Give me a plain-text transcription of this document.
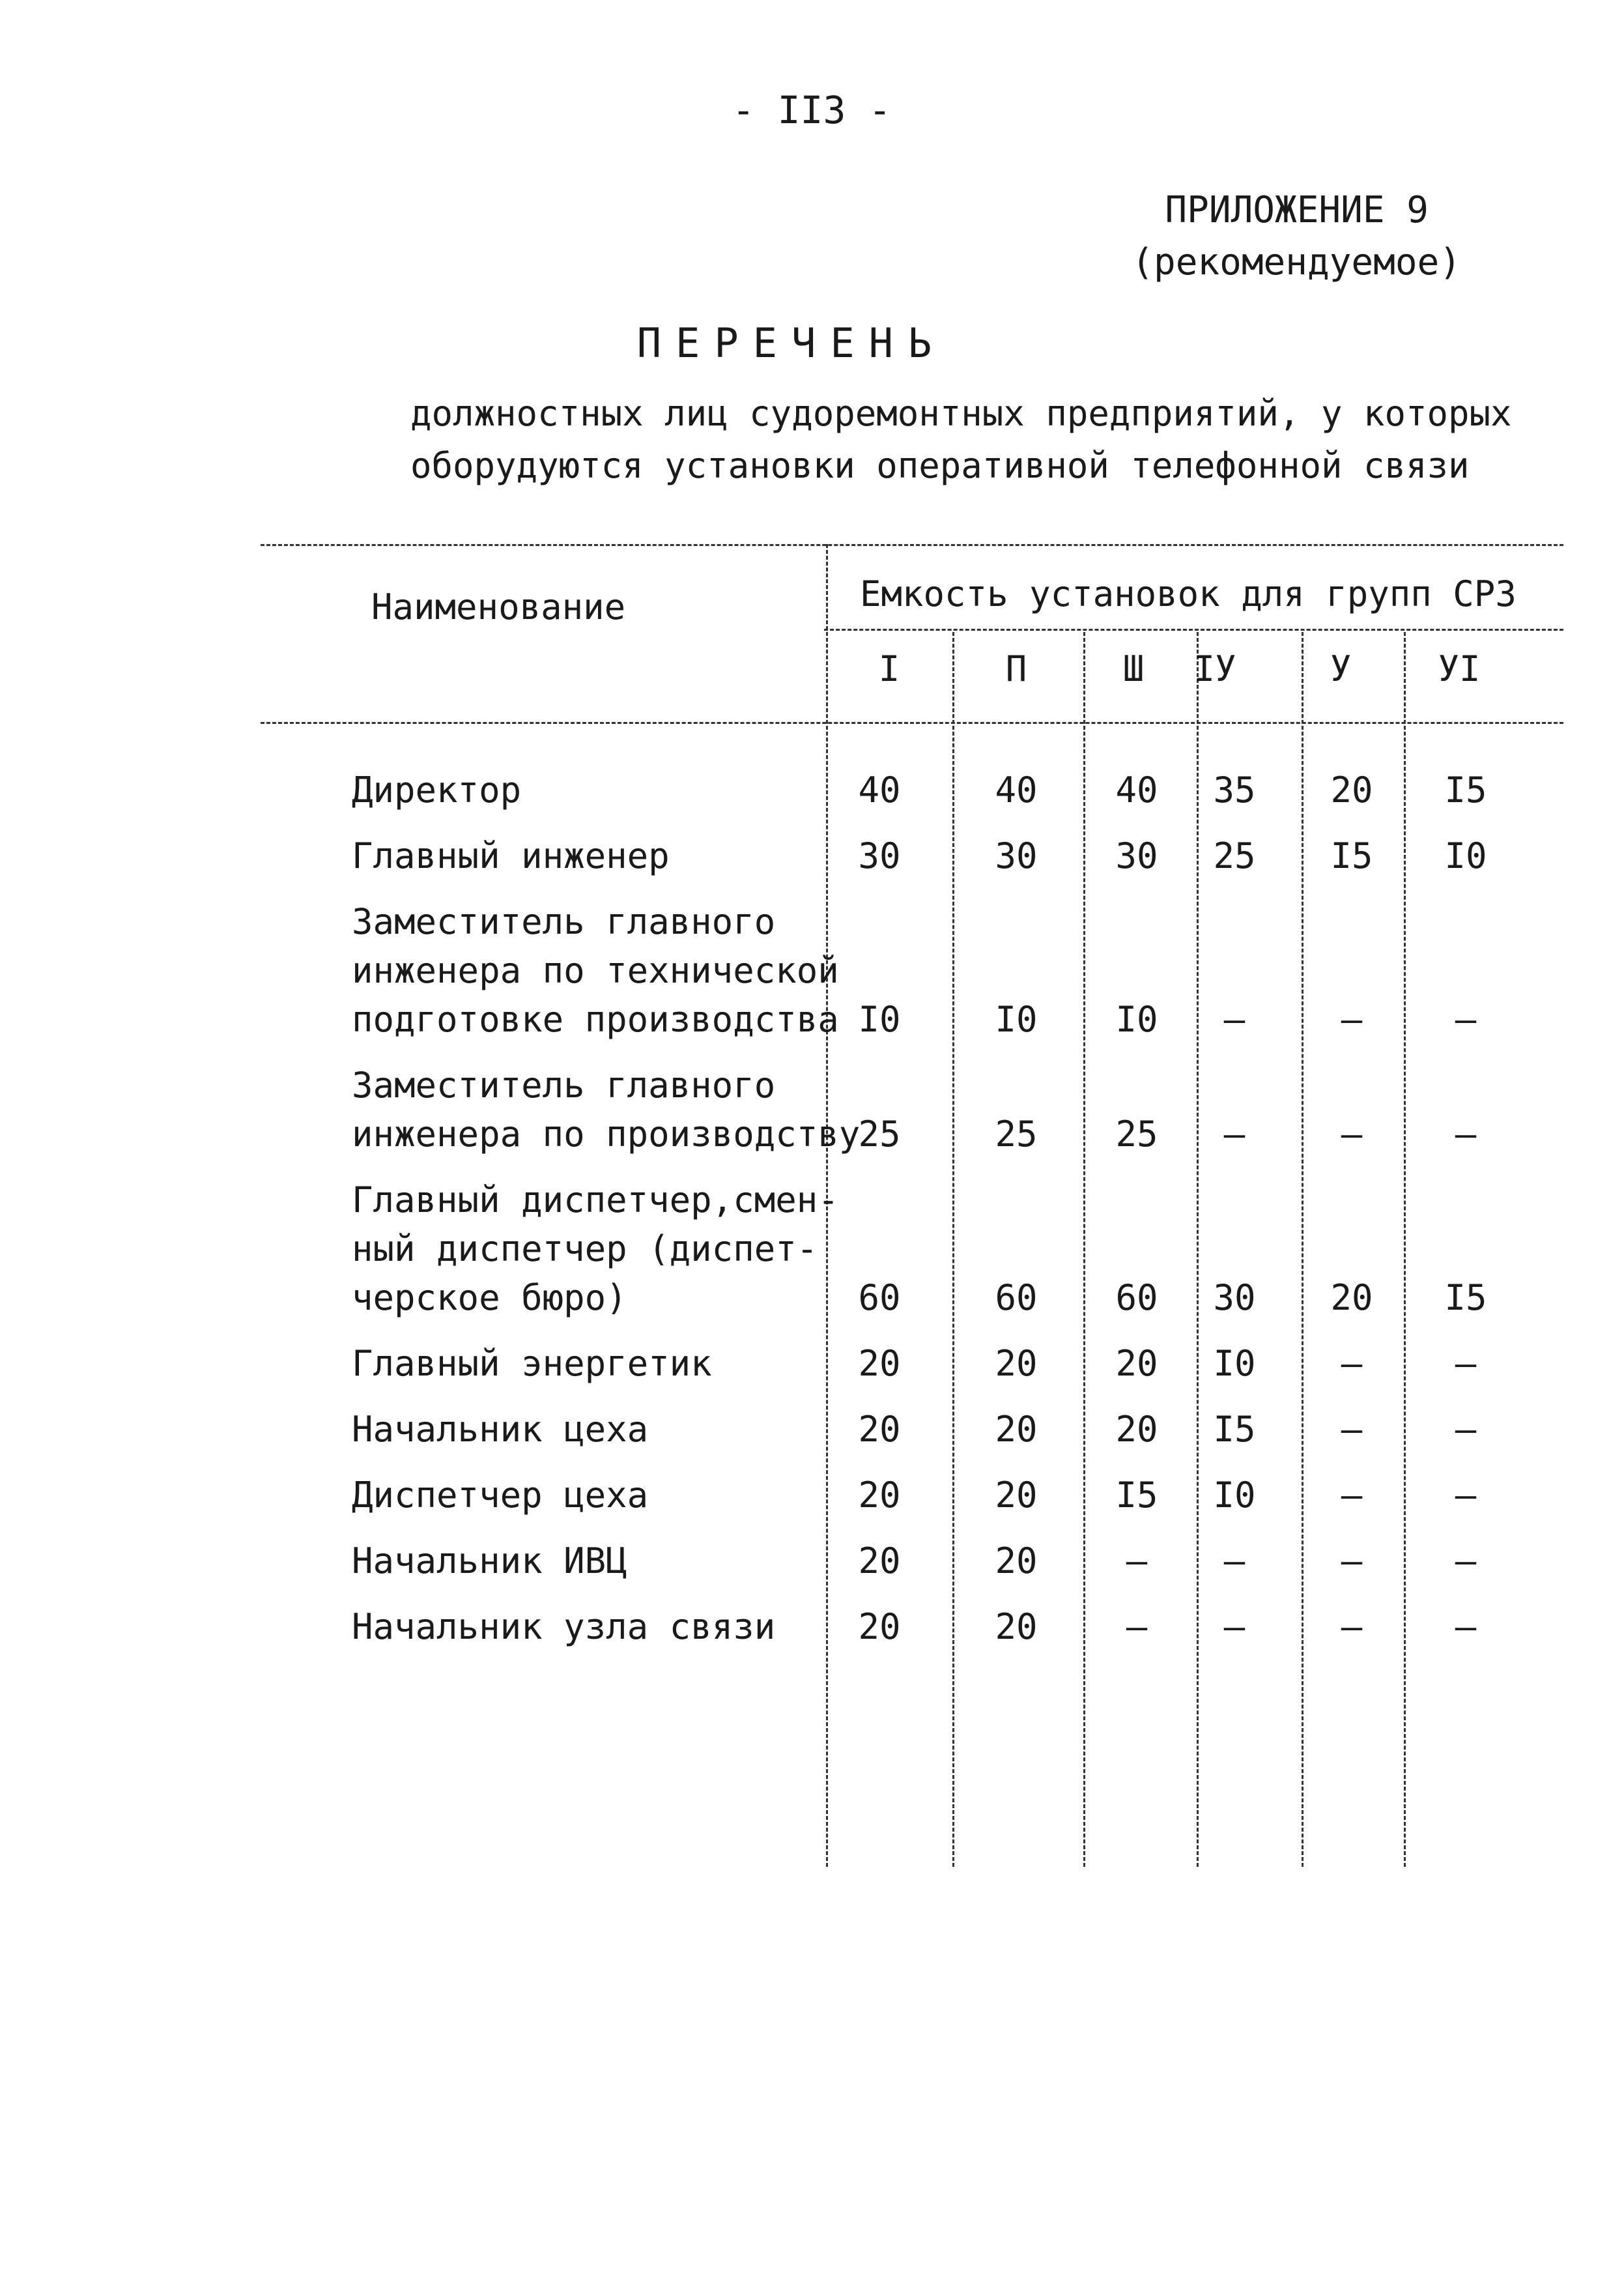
- II3 -
ПРИЛОЖЕНИЕ 9
(рекомендуемое)
ПЕРЕЧЕНЬ
должностных лиц судоремонтных предприятий, у которых
оборудуются установки оперативной телефонной связи
Наименование	Емкость установок для групп СРЗ
I	П	Ш IУ	У УI
Директор	40	40 40 35 20 I5
Главный инженер	30	30 30 25 I5 I0
Заместитель главного
инженера по технической
подготовке производства I0	I0 I0 –	–	–
Заместитель главного
инженера по производству
25	25 25 –	–	–
Главный диспетчер,смен-
ный диспетчер (диспет-
черское бюро)	60	60 60 30 20 I5
Главный энергетик	20	20 20 I0 –	–
Начальник цеха	20	20 20 I5 –	–
Диспетчер цеха	20	20 I5 I0 –	–
Начальник ИВЦ	20	20	– –	–	–
Начальник узла связи 20	20	– –	–	–
